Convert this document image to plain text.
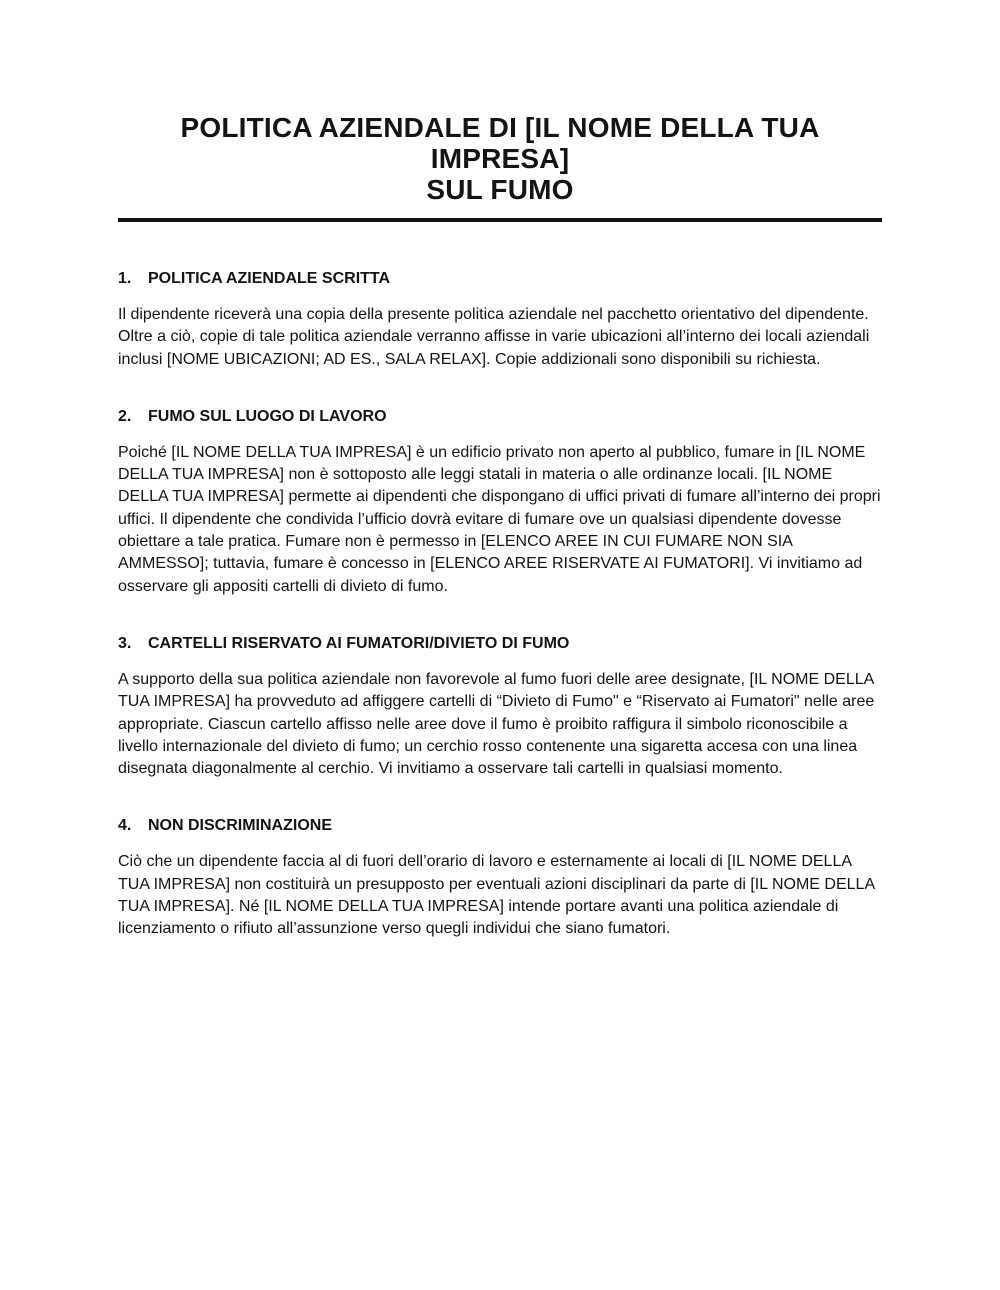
POLITICA AZIENDALE DI [IL NOME DELLA TUA IMPRESA]
SUL FUMO
1.	POLITICA AZIENDALE SCRITTA

Il dipendente riceverà una copia della presente politica aziendale nel pacchetto orientativo del dipendente. Oltre a ciò, copie di tale politica aziendale verranno affisse in varie ubicazioni all’interno dei locali aziendali inclusi [NOME UBICAZIONI; AD ES., SALA RELAX]. Copie addizionali sono disponibili su richiesta.

2.	FUMO SUL LUOGO DI LAVORO

Poiché [IL NOME DELLA TUA IMPRESA] è un edificio privato non aperto al pubblico, fumare in [IL NOME DELLA TUA IMPRESA] non è sottoposto alle leggi statali in materia o alle ordinanze locali. [IL NOME DELLA TUA IMPRESA] permette ai dipendenti che dispongano di uffici privati di fumare all’interno dei propri uffici. Il dipendente che condivida l’ufficio dovrà evitare di fumare ove un qualsiasi dipendente dovesse obiettare a tale pratica. Fumare non è permesso in [ELENCO AREE IN CUI FUMARE NON SIA AMMESSO]; tuttavia, fumare è concesso in [ELENCO AREE RISERVATE AI FUMATORI]. Vi invitiamo ad osservare gli appositi cartelli di divieto di fumo.

3.	CARTELLI RISERVATO AI FUMATORI/DIVIETO DI FUMO

A supporto della sua politica aziendale non favorevole al fumo fuori delle aree designate, [IL NOME DELLA TUA IMPRESA] ha provveduto ad affiggere cartelli di “Divieto di Fumo" e “Riservato ai Fumatori" nelle aree appropriate. Ciascun cartello affisso nelle aree dove il fumo è proibito raffigura il simbolo riconoscibile a livello internazionale del divieto di fumo; un cerchio rosso contenente una sigaretta accesa con una linea disegnata diagonalmente al cerchio. Vi invitiamo a osservare tali cartelli in qualsiasi momento.

4.	NON DISCRIMINAZIONE

Ciò che un dipendente faccia al di fuori dell’orario di lavoro e esternamente ai locali di [IL NOME DELLA TUA IMPRESA] non costituirà un presupposto per eventuali azioni disciplinari da parte di [IL NOME DELLA TUA IMPRESA]. Né [IL NOME DELLA TUA IMPRESA] intende portare avanti una politica aziendale di licenziamento o rifiuto all’assunzione verso quegli individui che siano fumatori.
